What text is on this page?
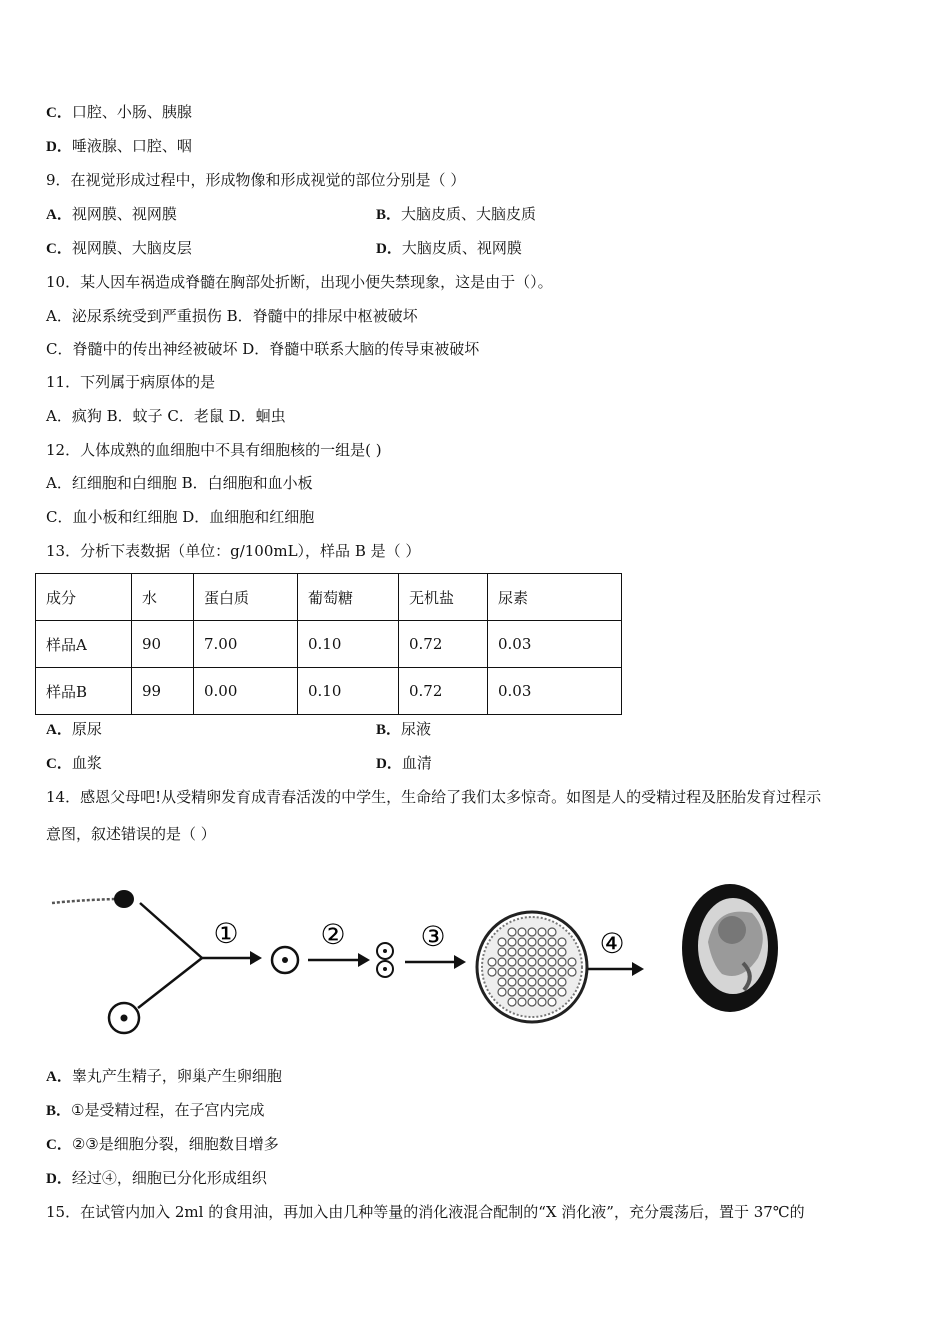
C．口腔、小肠、胰腺
D．唾液腺、口腔、咽
9．在视觉形成过程中，形成物像和形成视觉的部位分别是（ ）
A．视网膜、视网膜	B．大脑皮质、大脑皮质
C．视网膜、大脑皮层	D．大脑皮质、视网膜
10．某人因车祸造成脊髓在胸部处折断，出现小便失禁现象，这是由于（）。
A．泌尿系统受到严重损伤 B．脊髓中的排尿中枢被破坏
C．脊髓中的传出神经被破坏 D．脊髓中联系大脑的传导束被破坏
11．下列属于病原体的是
A．疯狗 B．蚊子 C．老鼠 D．蛔虫
12．人体成熟的血细胞中不具有细胞核的一组是( )
A．红细胞和白细胞 B．白细胞和血小板
C．血小板和红细胞 D．血细胞和红细胞
13．分析下表数据（单位：g/100mL），样品 B 是（ ）
成分	水	蛋白质	葡萄糖	无机盐	尿素
样品A	90	7.00	0.10	0.72	0.03
样品B	99	0.00	0.10	0.72	0.03
A．原尿	B．尿液
C．血浆	D．血清
14．感恩父母吧!从受精卵发育成青春活泼的中学生，生命给了我们太多惊奇。如图是人的受精过程及胚胎发育过程示
意图，叙述错误的是（ ）
①	②	③	④
A．睾丸产生精子，卵巢产生卵细胞
B．①是受精过程，在子宫内完成
C．②③是细胞分裂，细胞数目增多
D．经过④，细胞已分化形成组织
15．在试管内加入 2ml 的食用油，再加入由几种等量的消化液混合配制的“X 消化液”，充分震荡后，置于 37℃的
